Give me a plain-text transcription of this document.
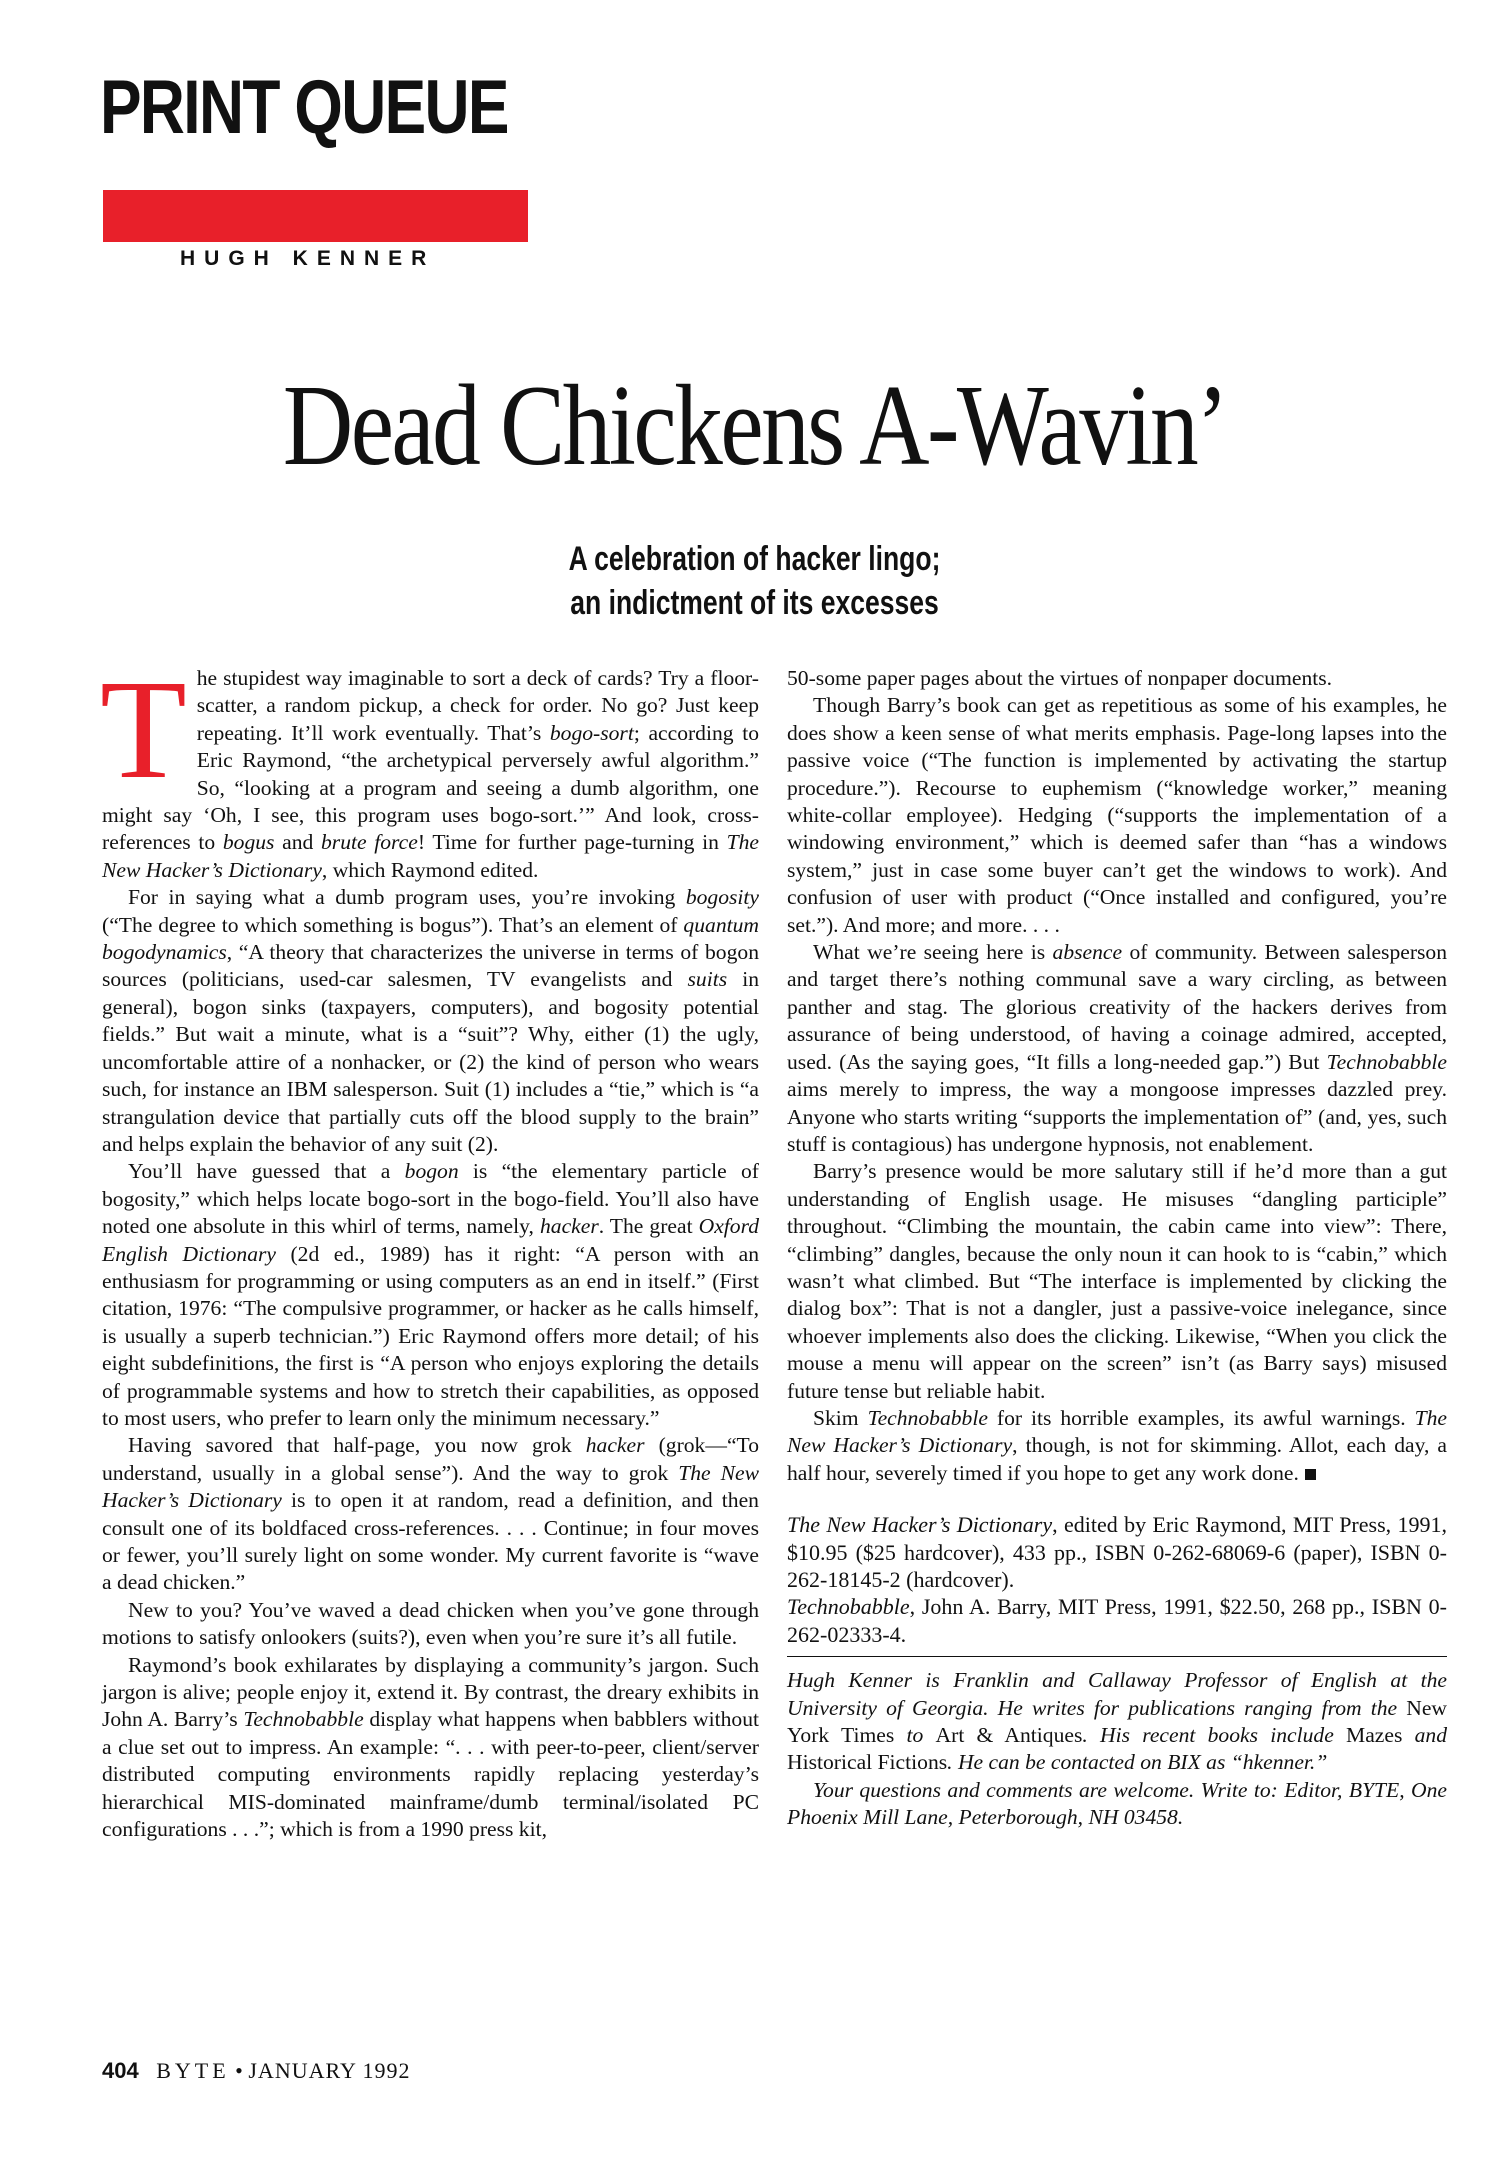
PRINT QUEUE
HUGH KENNER
Dead Chickens A-Wavin’
A celebration of hacker lingo;
an indictment of its excesses
T he stupidest way imaginable to sort a deck of cards? Try a floor-scatter, a random pickup, a check for order. No go? Just keep repeating. It’ll work eventually. That’s bogo-sort; according to Eric Raymond, “the archetypical perversely awful algorithm.” So, “looking at a program and seeing a dumb algorithm, one might say ‘Oh, I see, this program uses bogo-sort.’” And look, cross-references to bogus and brute force! Time for further page-turning in The New Hacker’s Dictionary, which Raymond edited.

For in saying what a dumb program uses, you’re invoking bogosity (“The degree to which something is bogus”). That’s an element of quantum bogodynamics, “A theory that characterizes the universe in terms of bogon sources (politicians, used-car salesmen, TV evangelists and suits in general), bogon sinks (taxpayers, computers), and bogosity potential fields.” But wait a minute, what is a “suit”? Why, either (1) the ugly, uncomfortable attire of a nonhacker, or (2) the kind of person who wears such, for instance an IBM salesperson. Suit (1) includes a “tie,” which is “a strangulation device that partially cuts off the blood supply to the brain” and helps explain the behavior of any suit (2).

You’ll have guessed that a bogon is “the elementary particle of bogosity,” which helps locate bogo-sort in the bogo-field. You’ll also have noted one absolute in this whirl of terms, namely, hacker. The great Oxford English Dictionary (2d ed., 1989) has it right: “A person with an enthusiasm for programming or using computers as an end in itself.” (First citation, 1976: “The compulsive programmer, or hacker as he calls himself, is usually a superb technician.”) Eric Raymond offers more detail; of his eight subdefinitions, the first is “A person who enjoys exploring the details of programmable systems and how to stretch their capabilities, as opposed to most users, who prefer to learn only the minimum necessary.”

Having savored that half-page, you now grok hacker (grok—“To understand, usually in a global sense”). And the way to grok The New Hacker’s Dictionary is to open it at random, read a definition, and then consult one of its boldfaced cross-references. . . . Continue; in four moves or fewer, you’ll surely light on some wonder. My current favorite is “wave a dead chicken.”

New to you? You’ve waved a dead chicken when you’ve gone through motions to satisfy onlookers (suits?), even when you’re sure it’s all futile.

Raymond’s book exhilarates by displaying a community’s jargon. Such jargon is alive; people enjoy it, extend it. By contrast, the dreary exhibits in John A. Barry’s Technobabble display what happens when babblers without a clue set out to impress. An example: “. . . with peer-to-peer, client/server distributed computing environments rapidly replacing yesterday’s hierarchical MIS-dominated mainframe/dumb terminal/isolated PC configurations . . .”; which is from a 1990 press kit,

50-some paper pages about the virtues of nonpaper documents.

Though Barry’s book can get as repetitious as some of his examples, he does show a keen sense of what merits emphasis. Page-long lapses into the passive voice (“The function is implemented by activating the startup procedure.”). Recourse to euphemism (“knowledge worker,” meaning white-collar employee). Hedging (“supports the implementation of a windowing environment,” which is deemed safer than “has a windows system,” just in case some buyer can’t get the windows to work). And confusion of user with product (“Once installed and configured, you’re set.”). And more; and more. . . .

What we’re seeing here is absence of community. Between salesperson and target there’s nothing communal save a wary circling, as between panther and stag. The glorious creativity of the hackers derives from assurance of being understood, of having a coinage admired, accepted, used. (As the saying goes, “It fills a long-needed gap.”) But Technobabble aims merely to impress, the way a mongoose impresses dazzled prey. Anyone who starts writing “supports the implementation of” (and, yes, such stuff is contagious) has undergone hypnosis, not enablement.

Barry’s presence would be more salutary still if he’d more than a gut understanding of English usage. He misuses “dangling participle” throughout. “Climbing the mountain, the cabin came into view”: There, “climbing” dangles, because the only noun it can hook to is “cabin,” which wasn’t what climbed. But “The interface is implemented by clicking the dialog box”: That is not a dangler, just a passive-voice inelegance, since whoever implements also does the clicking. Likewise, “When you click the mouse a menu will appear on the screen” isn’t (as Barry says) misused future tense but reliable habit.

Skim Technobabble for its horrible examples, its awful warnings. The New Hacker’s Dictionary, though, is not for skimming. Allot, each day, a half hour, severely timed if you hope to get any work done.

The New Hacker’s Dictionary, edited by Eric Raymond, MIT Press, 1991, $10.95 ($25 hardcover), 433 pp., ISBN 0-262-68069-6 (paper), ISBN 0-262-18145-2 (hardcover).

Technobabble, John A. Barry, MIT Press, 1991, $22.50, 268 pp., ISBN 0-262-02333-4.

Hugh Kenner is Franklin and Callaway Professor of English at the University of Georgia. He writes for publications ranging from the New York Times to Art & Antiques. His recent books include Mazes and Historical Fictions. He can be contacted on BIX as “hkenner.”

Your questions and comments are welcome. Write to: Editor, BYTE, One Phoenix Mill Lane, Peterborough, NH 03458.

404 BYTE • JANUARY 1992
